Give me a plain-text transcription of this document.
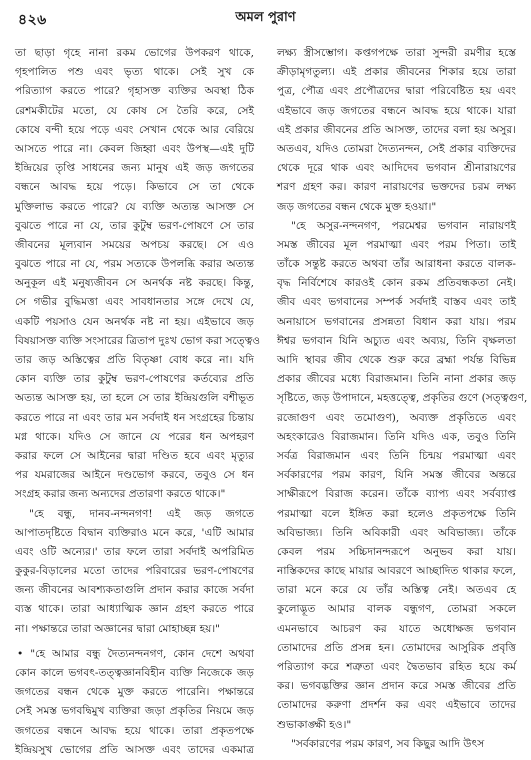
৪২৬	অমল পুরাণ
তা ছাড়া গৃহে নানা রকম ভোগের উপকরণ থাকে,
গৃহপালিত পশু এবং ভৃত্য থাকে। সেই সুখ কে
পরিত্যাগ করতে পারে? গৃহাসক্ত ব্যক্তির অবস্থা ঠিক
রেশমকীটের মতো, যে কোষ সে তৈরি করে, সেই
কোষে বন্দী হয়ে পড়ে এবং সেখান থেকে আর বেরিয়ে
আসতে পারে না। কেবল জিহ্বা এবং উপস্থ—এই দুটি
ইন্দ্রিয়ের তৃপ্তি সাধনের জন্য মানুষ এই জড় জগতের
বন্ধনে আবদ্ধ হয়ে পড়ে। কিভাবে সে তা থেকে
মুক্তিলাভ করতে পারে? যে ব্যক্তি অত্যন্ত আসক্ত সে
বুঝতে পারে না যে, তার কুটুম্ব ভরণ-পোষণে সে তার
জীবনের মূল্যবান সময়ের অপচয় করছে। সে এও
বুঝতে পারে না যে, পরম সত্যকে উপলব্ধি করার অত্যন্ত
অনুকূল এই মনুষ্যজীবন সে অনর্থক নষ্ট করছে। কিন্তু,
সে গভীর বুদ্ধিমত্তা এবং সাবধানতার সঙ্গে দেখে যে,
একটি পয়সাও যেন অনর্থক নষ্ট না হয়। এইভাবে জড়
বিষয়াসক্ত ব্যক্তি সংসারের ত্রিতাপ দুঃখ ভোগ করা সত্ত্বেও
তার জড় অস্তিত্বের প্রতি বিতৃষ্ণা বোধ করে না। যদি
কোন ব্যক্তি তার কুটুম্ব ভরণ-পোষণের কর্তব্যের প্রতি
অত্যন্ত আসক্ত হয়, তা হলে সে তার ইন্দ্রিয়গুলি বশীভূত
করতে পারে না এবং তার মন সর্বদাই ধন সংগ্রহের চিন্তায়
মগ্ন থাকে। যদিও সে জানে যে পরের ধন অপহরণ
করার ফলে সে আইনের দ্বারা দণ্ডিত হবে এবং মৃত্যুর
পর যমরাজের আইনে দণ্ডভোগ করবে, তবুও সে ধন
সংগ্রহ করার জন্য অন্যদের প্রতারণা করতে থাকে।"
"হে বন্ধু, দানব-নন্দনগণ! এই জড় জগতে
আপাতদৃষ্টিতে বিদ্বান ব্যক্তিরাও মনে করে, 'এটি আমার
এবং ওটি অন্যের।' তার ফলে তারা সর্বদাই অপরিমিত
কুকুর-বিড়ালের মতো তাদের পরিবারের ভরণ-পোষণের
জন্য জীবনের আবশ্যকতাগুলি প্রদান করার কাজে সর্বদা
ব্যস্ত থাকে। তারা আধ্যাত্মিক জ্ঞান গ্রহণ করতে পারে
না। পক্ষান্তরে তারা অজ্ঞানের দ্বারা মোহাচ্ছন্ন হয়।"
• "হে আমার বন্ধু দৈত্যনন্দনগণ, কোন দেশে অথবা
কোন কালে ভগবৎ-তত্ত্বজ্ঞানবিহীন ব্যক্তি নিজেকে জড়
জগতের বন্ধন থেকে মুক্ত করতে পারেনি। পক্ষান্তরে
সেই সমস্ত ভগবদ্বিমুখ ব্যক্তিরা জড়া প্রকৃতির নিয়মে জড়
জগতের বন্ধনে আবদ্ধ হয়ে থাকে। তারা প্রকৃতপক্ষে
ইন্দ্রিয়সুখ ভোগের প্রতি আসক্ত এবং তাদের একমাত্র
লক্ষ্য স্ত্রীসম্ভোগ। কপ্তগপক্ষে তারা সুন্দরী রমণীর হস্তে
ক্রীড়ামৃগতুল্য। এই প্রকার জীবনের শিকার হয়ে তারা
পুত্র, পৌত্র এবং প্রপৌত্রদের দ্বারা পরিবেষ্টিত হয় এবং
এইভাবে জড় জগতের বন্ধনে আবদ্ধ হয়ে থাকে। যারা
এই প্রকার জীবনের প্রতি আসক্ত, তাদের বলা হয় অসুর।
অতএব, যদিও তোমরা দৈত্যনন্দন, সেই প্রকার ব্যক্তিদের
থেকে দূরে থাক এবং আদিদেব ভগবান শ্রীনারায়ণের
শরণ গ্রহণ কর। কারণ নারায়ণের ভক্তদের চরম লক্ষ্য
জড় জগতের বন্ধন থেকে মুক্ত হওয়া।"
"হে অসুর-নন্দনগণ, পরমেশ্বর ভগবান নারায়ণই
সমস্ত জীবের মূল পরমাত্মা এবং পরম পিতা। তাই
তাঁকে সন্তুষ্ট করতে অথবা তাঁর আরাধনা করতে বালক-
বৃদ্ধ নির্বিশেষে কারওই কোন রকম প্রতিবন্ধকতা নেই।
জীব এবং ভগবানের সম্পর্ক সর্বদাই বাস্তব এবং তাই
অনায়াসে ভগবানের প্রসন্নতা বিধান করা যায়। পরম
ঈশ্বর ভগবান যিনি অচ্যুত এবং অব্যয়, তিনি বৃক্ষলতা
আদি স্থাবর জীব থেকে শুরু করে ব্রহ্মা পর্যন্ত বিভিন্ন
প্রকার জীবের মধ্যে বিরাজমান। তিনি নানা প্রকার জড়
সৃষ্টিতে, জড় উপাদানে, মহত্তত্ত্বে, প্রকৃতির গুণে (সত্ত্বগুণ,
রজোগুণ এবং তমোগুণ), অব্যক্ত প্রকৃতিতে এবং
অহংকারেও বিরাজমান। তিনি যদিও এক, তবুও তিনি
সর্বত্র বিরাজমান এবং তিনি চিন্ময় পরমাত্মা এবং
সর্বকারণের পরম কারণ, যিনি সমস্ত জীবের অন্তরে
সাক্ষীরূপে বিরাজ করেন। তাঁকে ব্যাপ্য এবং সর্বব্যাপ্ত
পরমাত্মা বলে ইঙ্গিত করা হলেও প্রকৃতপক্ষে তিনি
অবিভাজ্য। তিনি অবিকারী এবং অবিভাজ্য। তাঁকে
কেবল পরম সচ্চিদানন্দরূপে অনুভব করা যায়।
নাস্তিকদের কাছে মায়ার আবরণে আচ্ছাদিত থাকার ফলে,
তারা মনে করে যে তাঁর অস্তিত্ব নেই। অতএব হে
কুলোদ্ভূত আমার বালক বন্ধুগণ, তোমরা সকলে
এমনভাবে আচরণ কর যাতে অধোক্ষজ ভগবান
তোমাদের প্রতি প্রসন্ন হন। তোমাদের আসুরিক প্রবৃত্তি
পরিত্যাগ করে শত্রুতা এবং দ্বৈতভাব রহিত হয়ে কর্ম
কর। ভগবদ্ভক্তির জ্ঞান প্রদান করে সমস্ত জীবের প্রতি
তোমাদের করুণা প্রদর্শন কর এবং এইভাবে তাদের
শুভাকাঙ্ক্ষী হও।"
"সর্বকারণের পরম কারণ, সব কিছুর আদি উৎস
